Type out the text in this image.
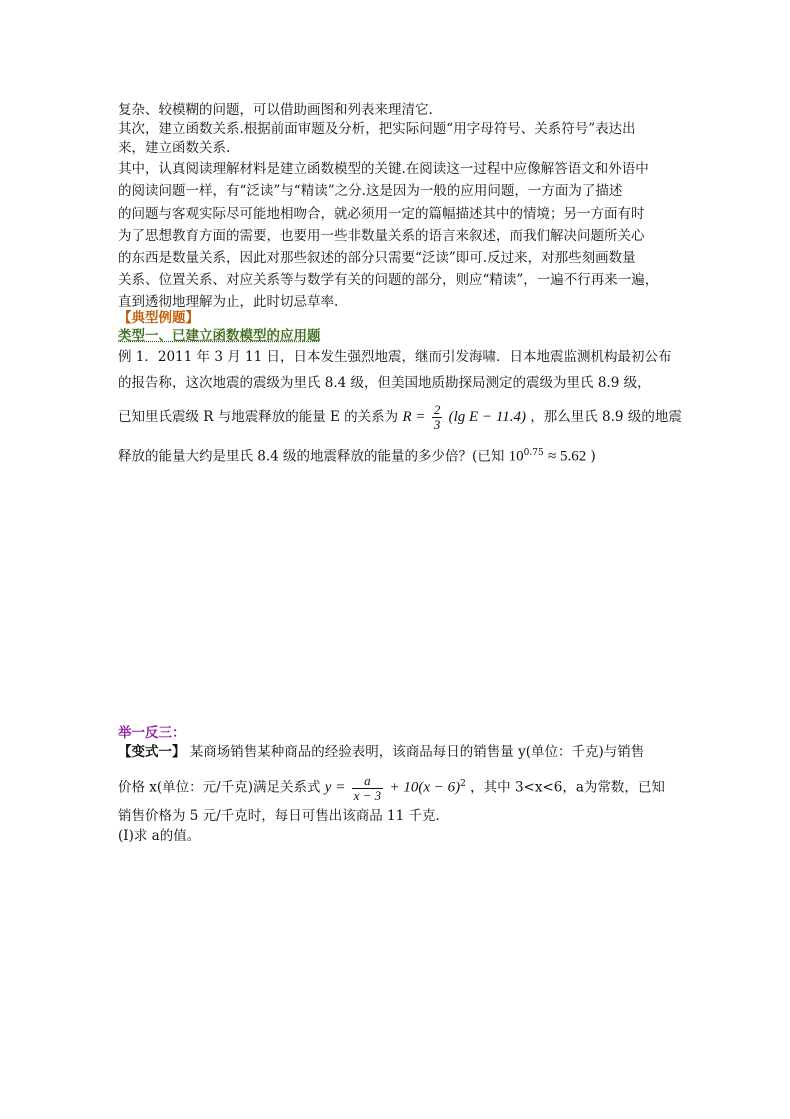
复杂、较模糊的问题，可以借助画图和列表来理清它.
其次，建立函数关系.根据前面审题及分析，把实际问题“用字母符号、关系符号”表达出
来，建立函数关系.
其中，认真阅读理解材料是建立函数模型的关键.在阅读这一过程中应像解答语文和外语中
的阅读问题一样，有“泛读”与“精读”之分.这是因为一般的应用问题，一方面为了描述
的问题与客观实际尽可能地相吻合，就必须用一定的篇幅描述其中的情境；另一方面有时
为了思想教育方面的需要，也要用一些非数量关系的语言来叙述，而我们解决问题所关心
的东西是数量关系，因此对那些叙述的部分只需要“泛读”即可.反过来，对那些刻画数量
关系、位置关系、对应关系等与数学有关的问题的部分，则应“精读”，一遍不行再来一遍，
直到透彻地理解为止，此时切忌草率.
【典型例题】
类型一、已建立函数模型的应用题
例 1．2011 年 3 月 11 日，日本发生强烈地震，继而引发海啸．日本地震监测机构最初公布
的报告称，这次地震的震级为里氏 8.4 级，但美国地质勘探局测定的震级为里氏 8.9 级，
已知里氏震级 R 与地震释放的能量 E 的关系为 $R = \frac{2}{3} (\lg$ E − 11.4) ，那么里氏 8.9 级的地震
释放的能量大约是里氏 8.4 级的地震释放的能量的多少倍？(已知 $10^{0.75} \approx 5.62$ )
举一反三：
【变式一】 某商场销售某种商品的经验表明，该商品每日的销售量 y(单位：千克)与销售
价格 x(单位：元/千克)满足关系式 $y = \frac{a}{x - 3} + 10(x - 6)^2$ ，其中 3<x<6，a为常数，已知
销售价格为 5 元/千克时，每日可售出该商品 11 千克．
(Ⅰ)求 a的值。
